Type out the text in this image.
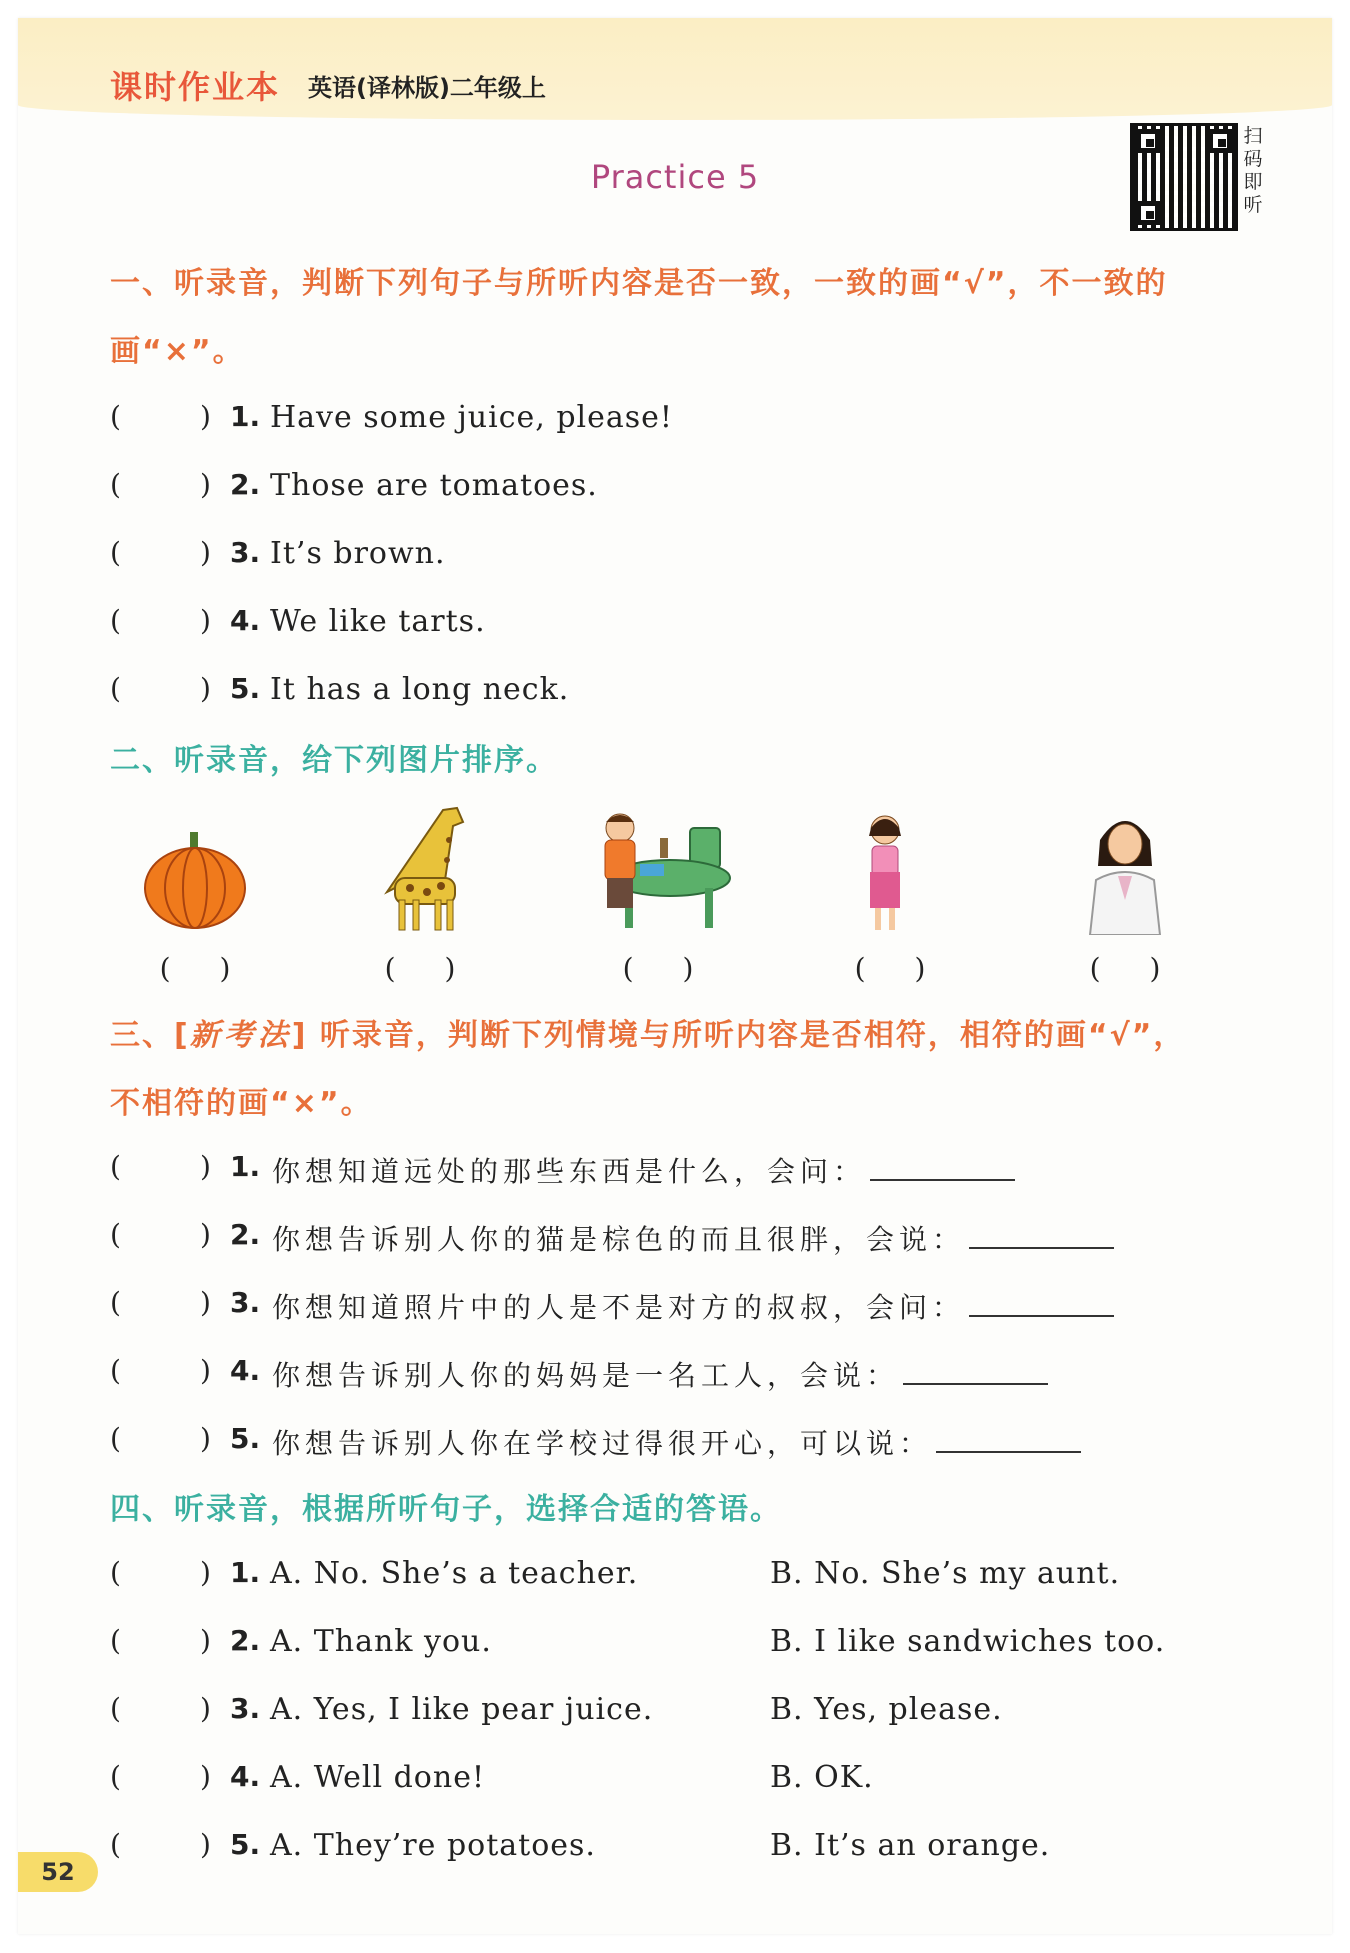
课时作业本 英语(译林版)二年级上
Practice 5
扫
码
即
听
一、听录音，判断下列句子与所听内容是否一致，一致的画“√”，不一致的
画“×”。
(	) 1. Have some juice, please!
(	) 2. Those are tomatoes.
(	) 3. It’s brown.
(	) 4. We like tarts.
(	) 5. It has a long neck.
二、听录音，给下列图片排序。
( )	( )	( )	( )	( )
三、[新考法] 听录音，判断下列情境与所听内容是否相符，相符的画“√”，
不相符的画“×”。
(	) 1. 你想知道远处的那些东西是什么，会问：
(	) 2. 你想告诉别人你的猫是棕色的而且很胖，会说：
(	) 3. 你想知道照片中的人是不是对方的叔叔，会问：
(	) 4. 你想告诉别人你的妈妈是一名工人，会说：
(	) 5. 你想告诉别人你在学校过得很开心，可以说：
四、听录音，根据所听句子，选择合适的答语。
(	) 1. A. No. She’s a teacher.	B. No. She’s my aunt.
(	) 2. A. Thank you.	B. I like sandwiches too.
(	) 3. A. Yes, I like pear juice.	B. Yes, please.
(	) 4. A. Well done!	B. OK.
(	) 5. A. They’re potatoes.	B. It’s an orange.
52
